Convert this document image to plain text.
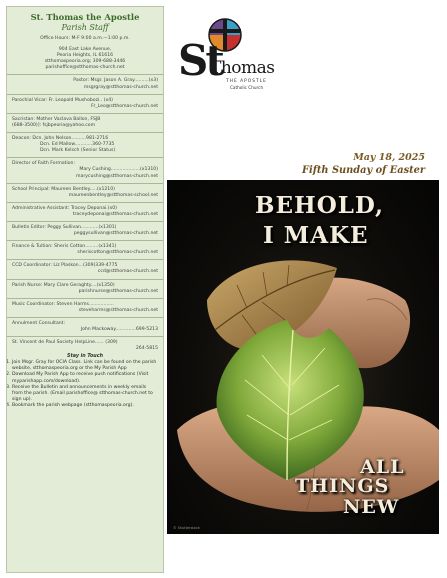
St. Thomas the Apostle
Parish Staff
Office Hours: M-F 9:00 a.m.—1:00 p.m.
904 East Lake Avenue,
Peoria Heights, IL 61616
stthomaspeoria.org; 309-688-3446
parishoffice@stthomas-church.net
Pastor: Msgr. Jason A. Gray..........(x3)
msgrgray@stthomas-church.net
Parochial Vicar: Fr. Leopold Mushobozi.. (x4)
Fr_Leo@stthomas-church.net
Sacristan: Mother Vaclava Ballon, FSJB
(688-3500)]: fsjbpeoria@yahoo.com
Deacon: Dcn. John Nelson..........981-2716
Dcn. Ed Mallow............360-7735
Dcn. Mark Kelsch (Senior Status)
Director of Faith Formation:
Mary Cushing....................(x1310)
marycushing@stthomas-church.net
School Principal: Maureen Bentley.....(x1210)
maureenbentley@stthomas-school.net
Administrative Assistant: Tracey Deponai.(x0)
traceydeponai@stthomas-church.net
Bulletin Editor: Peggy Sullivan............(x1301)
peggysullivan@stthomas-church.net
Finance & Tuition: Sheris Cotton.........(x1341)
sheriscotton@stthomas-church.net
CCD Coordinator: Liz Plaskon...(309)339-4775
ccd@stthomas-church.net
Parish Nurse: Mary Clare Geraghty....(x1350)
parishnurse@stthomas-church.net
Music Coordinator: Steven Harms.................
steveharms@stthomas-church.net
Annulment Consultant:
John Mackoway..............699-5213
St. Vincent de Paul Society HelpLine...... (309)
264-5815
Stay in Touch
1. Join Msgr. Gray for OCIA Class. Link can be found on the parish website, stthomaspeoria.org or the My Parish App
2. Download My Parish App to receive push notifications (Visit myparishapp.com/download).
3. Receive the Bulletin and announcements in weekly emails from the parish. (Email parishoffice@ stthomas-church.net to sign up).
4. Bookmark the parish webpage (stthomaspeoria.org).
St
Thomas
THE APOSTLE
Catholic Church
May 18, 2025
Fifth Sunday of Easter
BEHOLD,
I MAKE
ALL
THINGS
NEW
© Shutterstock
